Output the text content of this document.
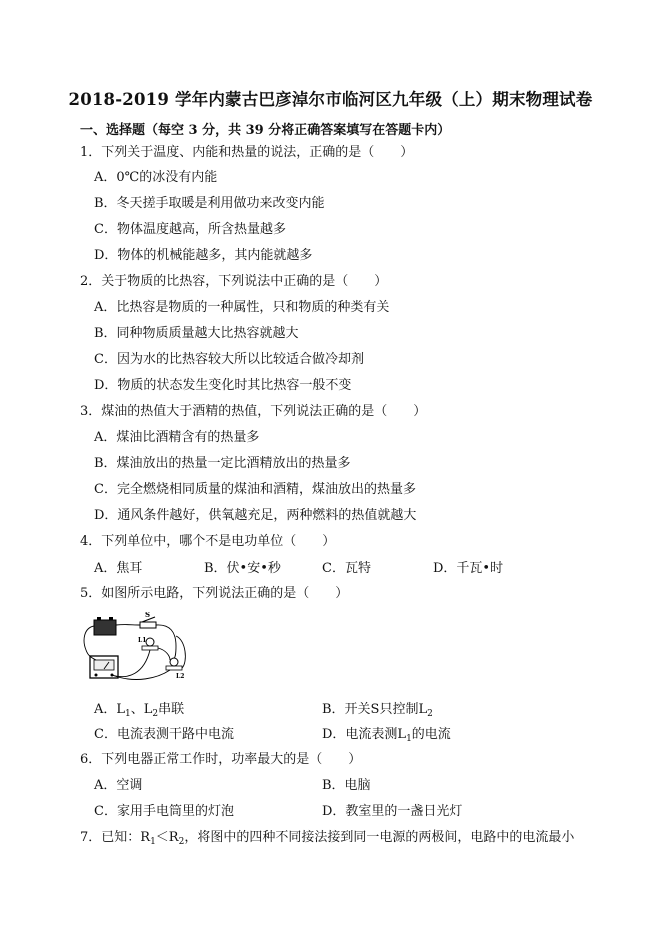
2018-2019 学年内蒙古巴彦淖尔市临河区九年级（上）期末物理试卷
一、选择题（每空 3 分，共 39 分将正确答案填写在答题卡内）
1．下列关于温度、内能和热量的说法，正确的是（　　）
A．0℃的冰没有内能
B．冬天搓手取暖是利用做功来改变内能
C．物体温度越高，所含热量越多
D．物体的机械能越多，其内能就越多
2．关于物质的比热容，下列说法中正确的是（　　）
A．比热容是物质的一种属性，只和物质的种类有关
B．同种物质质量越大比热容就越大
C．因为水的比热容较大所以比较适合做冷却剂
D．物质的状态发生变化时其比热容一般不变
3．煤油的热值大于酒精的热值，下列说法正确的是（　　）
A．煤油比酒精含有的热量多
B．煤油放出的热量一定比酒精放出的热量多
C．完全燃烧相同质量的煤油和酒精，煤油放出的热量多
D．通风条件越好，供氧越充足，两种燃料的热值就越大
4．下列单位中，哪个不是电功单位（　　）
A．焦耳	B．伏•安•秒	C．瓦特	D．千瓦•时
5．如图所示电路，下列说法正确的是（　　）
S
L1
L2
A．$L_1$、$L_2$串联	B．开关S只控制$L_2$
C．电流表测干路中电流	D．电流表测$L_1$的电流
6．下列电器正常工作时，功率最大的是（　　）
A．空调	B．电脑
C．家用手电筒里的灯泡	D．教室里的一盏日光灯
7．已知：$R_1<R_2$，将图中的四种不同接法接到同一电源的两极间，电路中的电流最小
